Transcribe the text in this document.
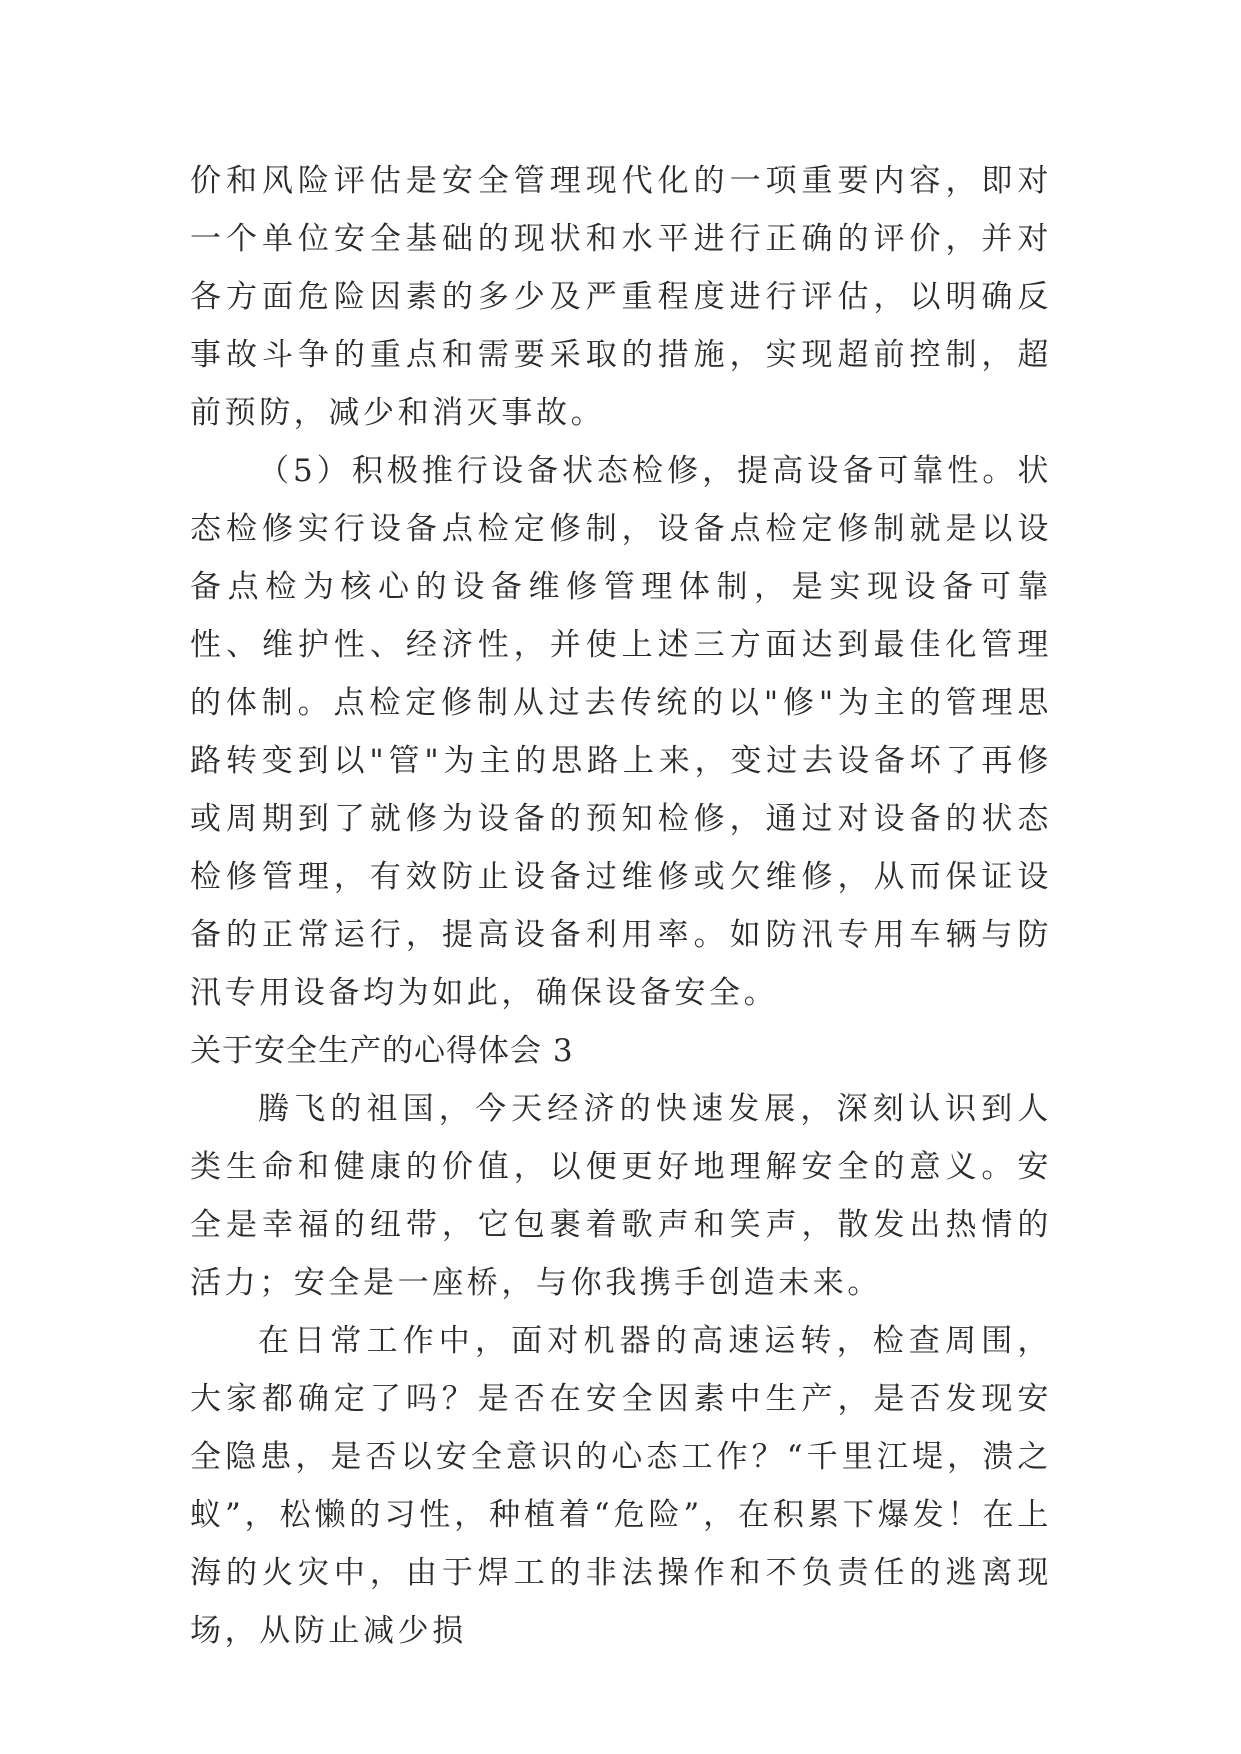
价和风险评估是安全管理现代化的一项重要内容，即对一个单位安全基础的现状和水平进行正确的评价，并对各方面危险因素的多少及严重程度进行评估，以明确反事故斗争的重点和需要采取的措施，实现超前控制，超前预防，减少和消灭事故。

（5）积极推行设备状态检修，提高设备可靠性。状态检修实行设备点检定修制，设备点检定修制就是以设备点检为核心的设备维修管理体制，是实现设备可靠性、维护性、经济性，并使上述三方面达到最佳化管理的体制。点检定修制从过去传统的以"修"为主的管理思路转变到以"管"为主的思路上来，变过去设备坏了再修或周期到了就修为设备的预知检修，通过对设备的状态检修管理，有效防止设备过维修或欠维修，从而保证设备的正常运行，提高设备利用率。如防汛专用车辆与防汛专用设备均为如此，确保设备安全。

关于安全生产的心得体会 3

腾飞的祖国，今天经济的快速发展，深刻认识到人类生命和健康的价值，以便更好地理解安全的意义。安全是幸福的纽带，它包裹着歌声和笑声，散发出热情的活力；安全是一座桥，与你我携手创造未来。

在日常工作中，面对机器的高速运转，检查周围，大家都确定了吗？是否在安全因素中生产，是否发现安全隐患，是否以安全意识的心态工作？“千里江堤，溃之蚁”，松懒的习性，种植着“危险”，在积累下爆发！在上海的火灾中，由于焊工的非法操作和不负责任的逃离现场，从防止减少损
